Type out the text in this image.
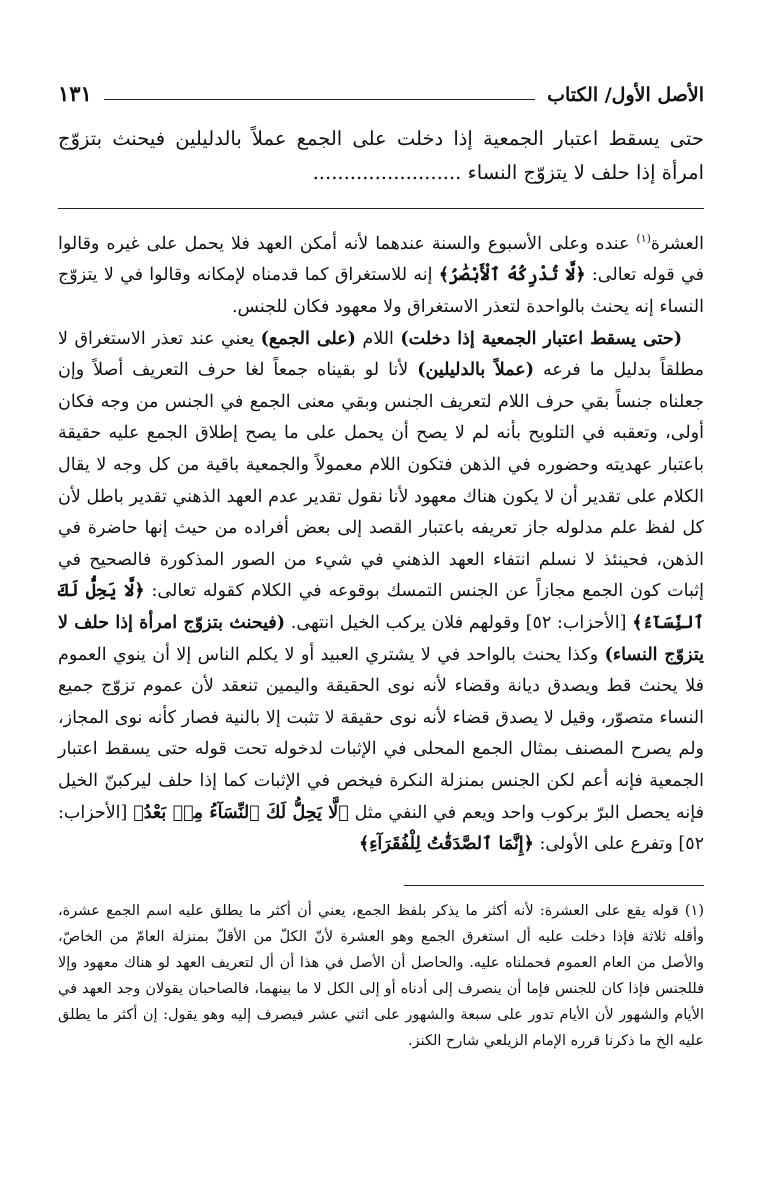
الأصل الأول/ الكتاب
١٣١
حتى يسقط اعتبار الجمعية إذا دخلت على الجمع عملاً بالدليلين فيحنث بتزوّج امرأة إذا حلف لا يتزوّج النساء ........................

العشرة$^{(١)}$ عنده وعلى الأسبوع والسنة عندهما لأنه أمكن العهد فلا يحمل على غيره وقالوا في قوله تعالى: ﴿لَّا تُدْرِكُهُ ٱلْأَبْصَٰرُ﴾ إنه للاستغراق كما قدمناه لإمكانه وقالوا في لا يتزوّج النساء إنه يحنث بالواحدة لتعذر الاستغراق ولا معهود فكان للجنس.

(حتى يسقط اعتبار الجمعية إذا دخلت) اللام (على الجمع) يعني عند تعذر الاستغراق لا مطلقاً بدليل ما فرعه (عملاً بالدليلين) لأنا لو بقيناه جمعاً لغا حرف التعريف أصلاً وإن جعلناه جنساً بقي حرف اللام لتعريف الجنس وبقي معنى الجمع في الجنس من وجه فكان أولى، وتعقبه في التلويح بأنه لم لا يصح أن يحمل على ما يصح إطلاق الجمع عليه حقيقة باعتبار عهديته وحضوره في الذهن فتكون اللام معمولاً والجمعية باقية من كل وجه لا يقال الكلام على تقدير أن لا يكون هناك معهود لأنا نقول تقدير عدم العهد الذهني تقدير باطل لأن كل لفظ علم مدلوله جاز تعريفه باعتبار القصد إلى بعض أفراده من حيث إنها حاضرة في الذهن، فحينئذ لا نسلم انتفاء العهد الذهني في شيء من الصور المذكورة فالصحيح في إثبات كون الجمع مجازاً عن الجنس التمسك بوقوعه في الكلام كقوله تعالى: ﴿لَّا يَحِلُّ لَكَ ٱلنِّسَآءُ﴾ [الأحزاب: ٥٢] وقولهم فلان يركب الخيل انتهى. (فيحنث بتزوّج امرأة إذا حلف لا يتزوّج النساء) وكذا يحنث بالواحد في لا يشتري العبيد أو لا يكلم الناس إلا أن ينوي العموم فلا يحنث قط ويصدق ديانة وقضاء لأنه نوى الحقيقة واليمين تنعقد لأن عموم تزوّج جميع النساء متصوّر، وقيل لا يصدق قضاء لأنه نوى حقيقة لا تثبت إلا بالنية فصار كأنه نوى المجاز، ولم يصرح المصنف بمثال الجمع المحلى في الإثبات لدخوله تحت قوله حتى يسقط اعتبار الجمعية فإنه أعم لكن الجنس بمنزلة النكرة فيخص في الإثبات كما إذا حلف ليركبنّ الخيل فإنه يحصل البرّ بركوب واحد ويعم في النفي مثل ﴿لَّا يَحِلُّ لَكَ ٱلنِّسَآءُ مِنۢ بَعْدُ﴾ [الأحزاب: ٥٢] وتفرع على الأولى: ﴿إِنَّمَا ٱلصَّدَقَٰتُ لِلْفُقَرَآءِ﴾

(١) قوله يقع على العشرة: لأنه أكثر ما يذكر بلفظ الجمع، يعني أن أكثر ما يطلق عليه اسم الجمع عشرة، وأقله ثلاثة فإذا دخلت عليه أل استغرق الجمع وهو العشرة لأنّ الكلّ من الأقلّ بمنزلة العامّ من الخاصّ، والأصل من العام العموم فحملناه عليه. والحاصل أن الأصل في هذا أن أل لتعريف العهد لو هناك معهود وإلا فللجنس فإذا كان للجنس فإما أن ينصرف إلى أدناه أو إلى الكل لا ما بينهما، فالصاحبان يقولان وجد العهد في الأيام والشهور لأن الأيام تدور على سبعة والشهور على اثني عشر فيصرف إليه وهو يقول: إن أكثر ما يطلق عليه الخ ما ذكرنا قرره الإمام الزيلعي شارح الكنز.
